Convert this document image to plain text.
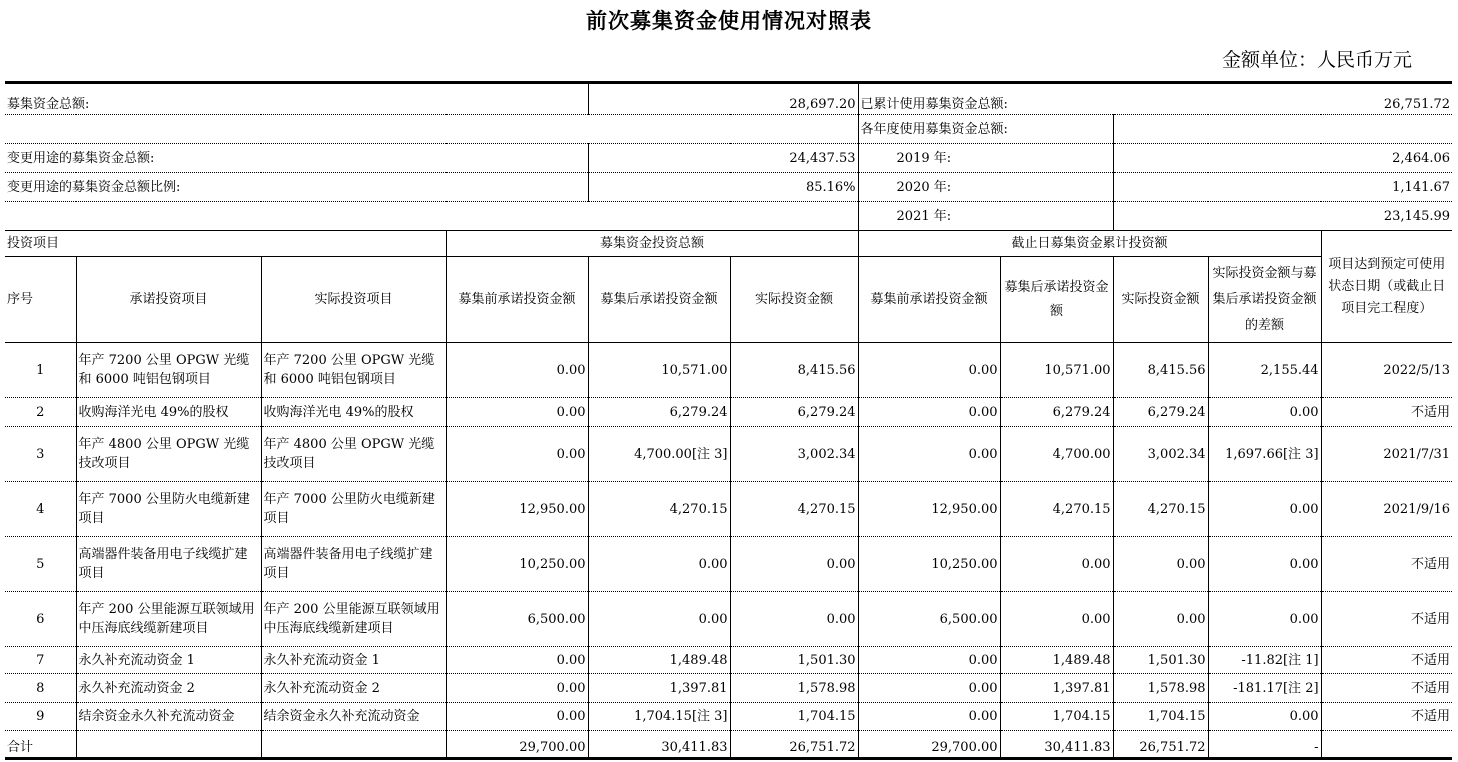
前次募集资金使用情况对照表
金额单位：人民币万元
募集资金总额:				28,697.20		已累计使用募集资金总额:		26,751.72		
						各年度使用募集资金总额:				
变更用途的募集资金总额:				24,437.53		2019 年:		2,464.06		
变更用途的募集资金总额比例:				85.16%		2020 年:		1,141.67		
						2021 年:		23,145.99		
投资项目			募集资金投资总额			截止日募集资金累计投资额				项目达到预定可使用状态日期（或截止日项目完工程度）
序号	承诺投资项目	实际投资项目	募集前承诺投资金额	募集后承诺投资金额	实际投资金额	募集前承诺投资金额	募集后承诺投资金额	实际投资金额	实际投资金额与募集后承诺投资金额的差额	
1	年产 7200 公里 OPGW 光缆和 6000 吨铝包钢项目	年产 7200 公里 OPGW 光缆和 6000 吨铝包钢项目	0.00	10,571.00	8,415.56	0.00	10,571.00	8,415.56	2,155.44	2022/5/13
2	收购海洋光电 49%的股权	收购海洋光电 49%的股权	0.00	6,279.24	6,279.24	0.00	6,279.24	6,279.24	0.00	不适用
3	年产 4800 公里 OPGW 光缆技改项目	年产 4800 公里 OPGW 光缆技改项目	0.00	4,700.00[注 3]	3,002.34	0.00	4,700.00	3,002.34	1,697.66[注 3]	2021/7/31
4	年产 7000 公里防火电缆新建项目	年产 7000 公里防火电缆新建项目	12,950.00	4,270.15	4,270.15	12,950.00	4,270.15	4,270.15	0.00	2021/9/16
5	高端器件装备用电子线缆扩建项目	高端器件装备用电子线缆扩建项目	10,250.00	0.00	0.00	10,250.00	0.00	0.00	0.00	不适用
6	年产 200 公里能源互联领域用中压海底线缆新建项目	年产 200 公里能源互联领域用中压海底线缆新建项目	6,500.00	0.00	0.00	6,500.00	0.00	0.00	0.00	不适用
7	永久补充流动资金 1	永久补充流动资金 1	0.00	1,489.48	1,501.30	0.00	1,489.48	1,501.30	-11.82[注 1]	不适用
8	永久补充流动资金 2	永久补充流动资金 2	0.00	1,397.81	1,578.98	0.00	1,397.81	1,578.98	-181.17[注 2]	不适用
9	结余资金永久补充流动资金	结余资金永久补充流动资金	0.00	1,704.15[注 3]	1,704.15	0.00	1,704.15	1,704.15	0.00	不适用
合计			29,700.00	30,411.83	26,751.72	29,700.00	30,411.83	26,751.72	-	
